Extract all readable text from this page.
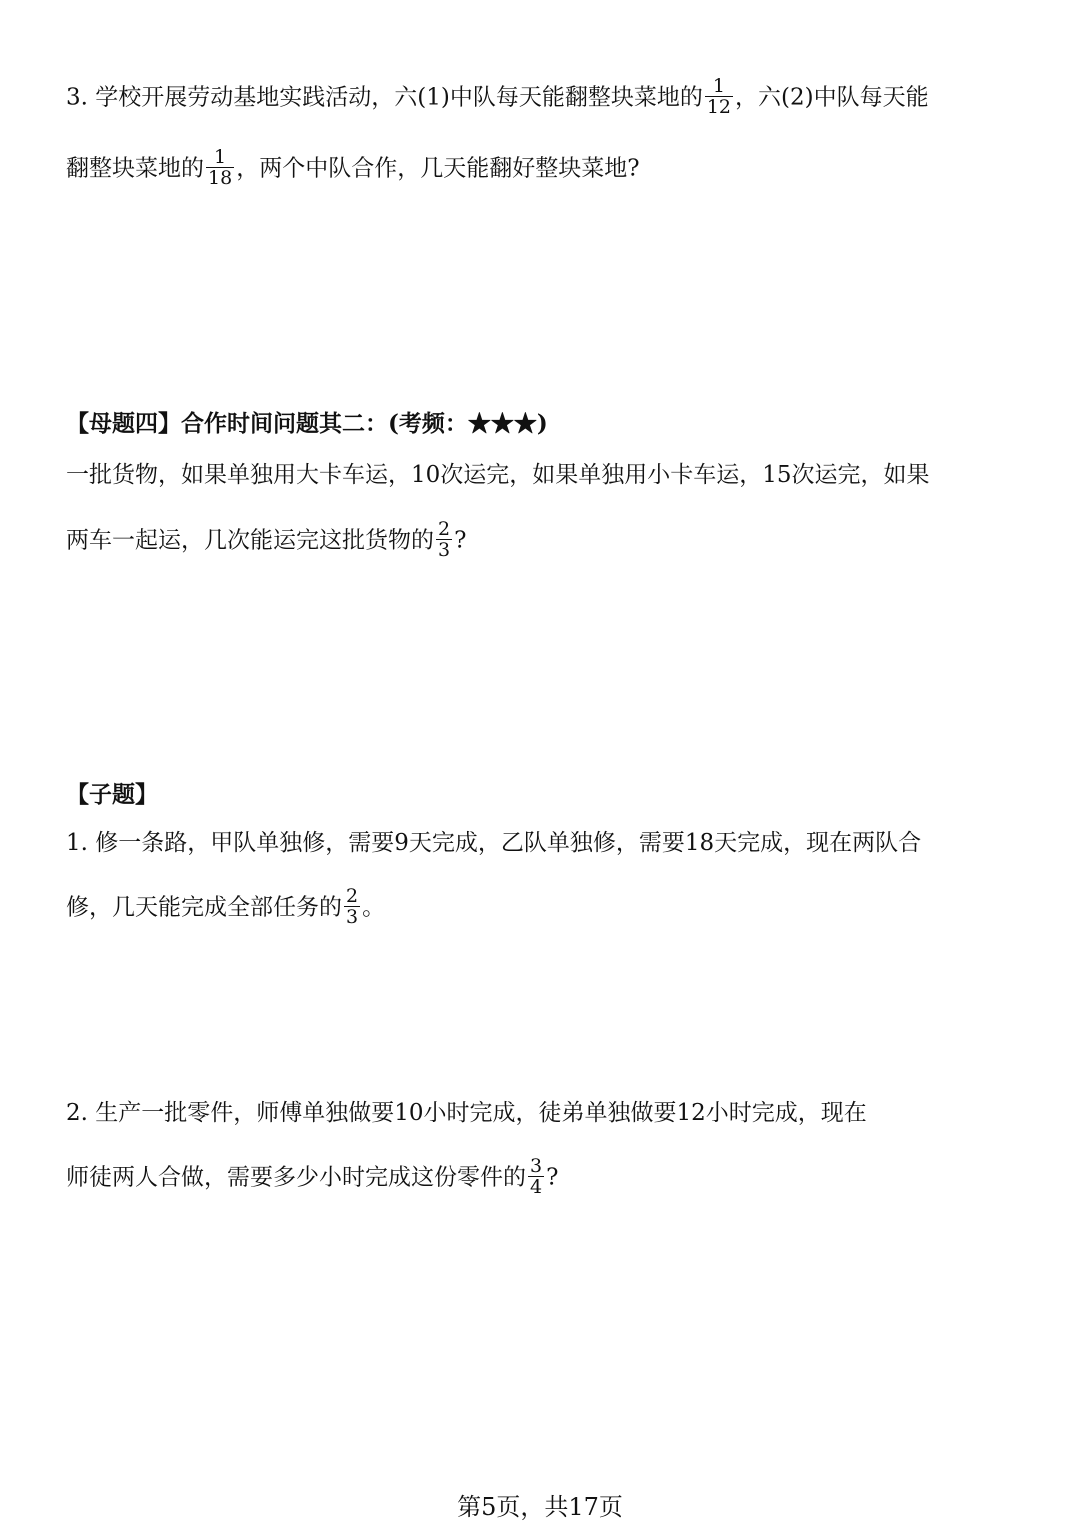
3. 学校开展劳动基地实践活动，六(1)中队每天能翻整块菜地的 $\frac{1}{12}$ ，六(2)中队每天能
翻整块菜地的 $\frac{1}{18}$ ，两个中队合作，几天能翻好整块菜地?
【母题四】合作时间问题其二：(考频：★★★)
一批货物，如果单独用大卡车运，10次运完，如果单独用小卡车运，15次运完，如果
两车一起运，几次能运完这批货物的 $\frac{2}{3}$ ?
【子题】
1. 修一条路，甲队单独修，需要9天完成，乙队单独修，需要18天完成，现在两队合
修，几天能完成全部任务的 $\frac{2}{3}$ 。
2. 生产一批零件，师傅单独做要10小时完成，徒弟单独做要12小时完成，现在
师徒两人合做，需要多少小时完成这份零件的 $\frac{3}{4}$ ?
第5页，共17页
